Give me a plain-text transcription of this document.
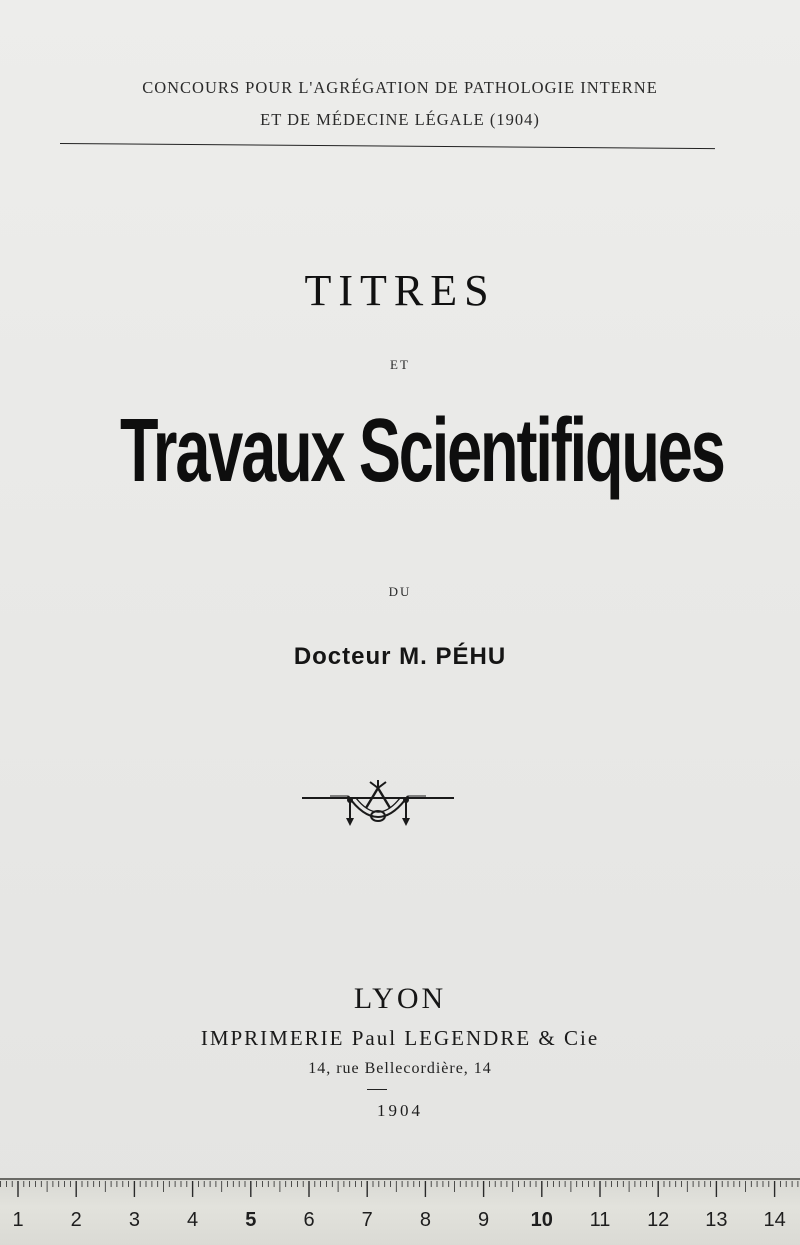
CONCOURS POUR L'AGRÉGATION DE PATHOLOGIE INTERNE
ET DE MÉDECINE LÉGALE (1904)
TITRES
ET
Travaux Scientifiques
DU
Docteur M. PÉHU
LYON
IMPRIMERIE Paul LEGENDRE & Cie
14, rue Bellecordière, 14
1904
1 2 3 4 5 6 7 8 9 10 11 12 13 14
